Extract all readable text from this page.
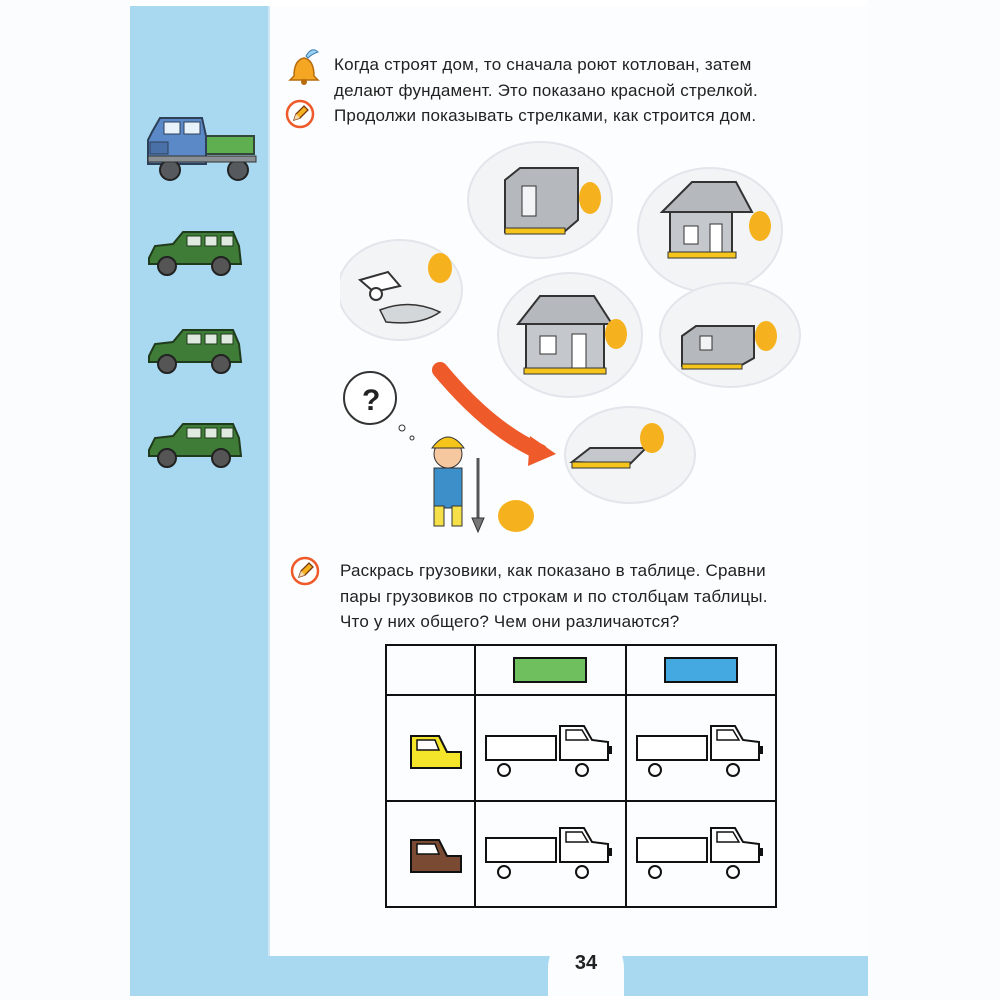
Когда строят дом, то сначала роют котлован, затем
делают фундамент. Это показано красной стрелкой.
Продолжи показывать стрелками, как строится дом.
?
Раскрась грузовики, как показано в таблице. Сравни
пары грузовиков по строкам и по столбцам таблицы.
Что у них общего? Чем они различаются?

34
